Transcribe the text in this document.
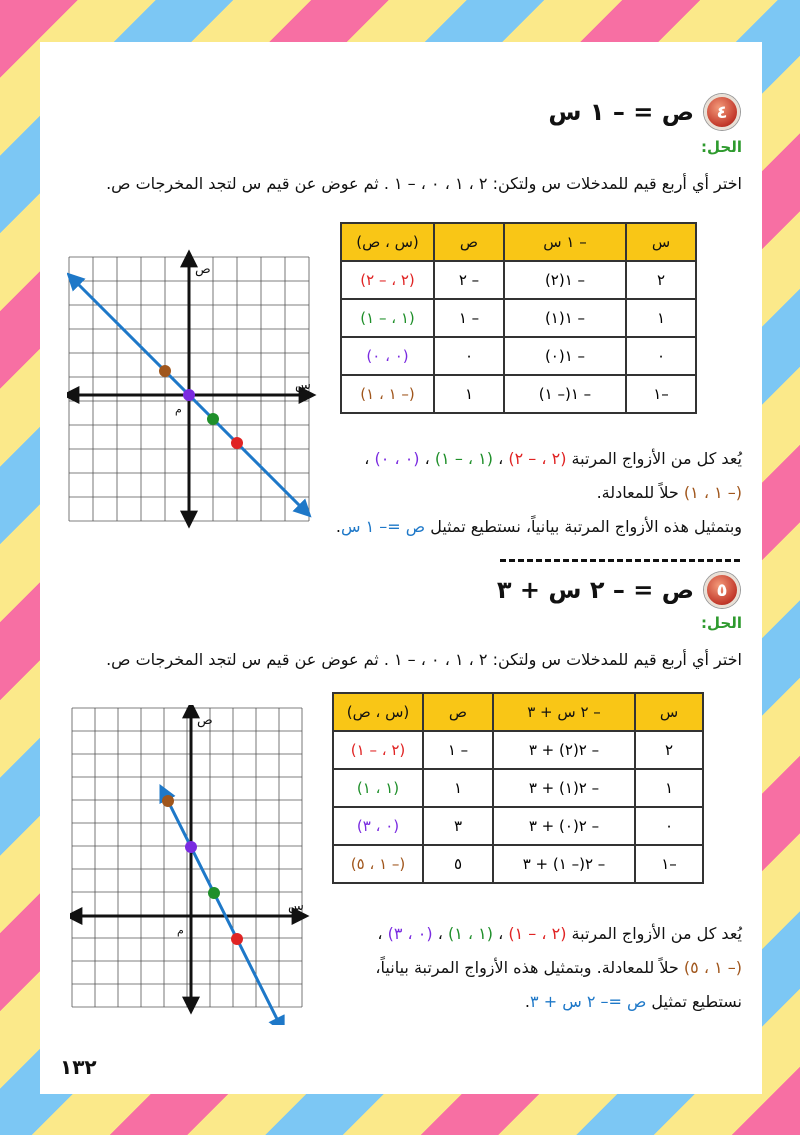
٤
ص = – ١ س
الحل:
اختر أي أربع قيم للمدخلات س ولتكن: ٢ ، ١ ، ٠ ، – ١ . ثم عوض عن قيم س لتجد المخرجات ص.
س	– ١ س	ص	(س ، ص)
٢	– ١(٢)	– ٢	(٢ ، – ٢)
١	– ١(١)	– ١	(١ ، – ١)
٠	– ١(٠)	٠	(٠ ، ٠)
–١	– ١(– ١)	١	(– ١ ، ١)
ص
س
م
يُعد كل من الأزواج المرتبة (٢ ، – ٢) ، (١ ، – ١) ، (٠ ، ٠) ،
(– ١ ، ١) حلاً للمعادلة.
وبتمثيل هذه الأزواج المرتبة بيانياً، نستطيع تمثيل ص =– ١ س.
٥
ص = – ٢ س + ٣
الحل:
اختر أي أربع قيم للمدخلات س ولتكن: ٢ ، ١ ، ٠ ، – ١ . ثم عوض عن قيم س لتجد المخرجات ص.
س	– ٢ س + ٣	ص	(س ، ص)
٢	– ٢(٢) + ٣	– ١	(٢ ، – ١)
١	– ٢(١) + ٣	١	(١ ، ١)
٠	– ٢(٠) + ٣	٣	(٠ ، ٣)
–١	– ٢(– ١) + ٣	٥	(– ١ ، ٥)
ص
س
م	يُعد كل من الأزواج المرتبة (٢ ، – ١) ، (١ ، ١) ، (٠ ، ٣) ،
(– ١ ، ٥) حلاً للمعادلة. وبتمثيل هذه الأزواج المرتبة بيانياً،
نستطيع تمثيل ص =– ٢ س + ٣.
١٣٢
